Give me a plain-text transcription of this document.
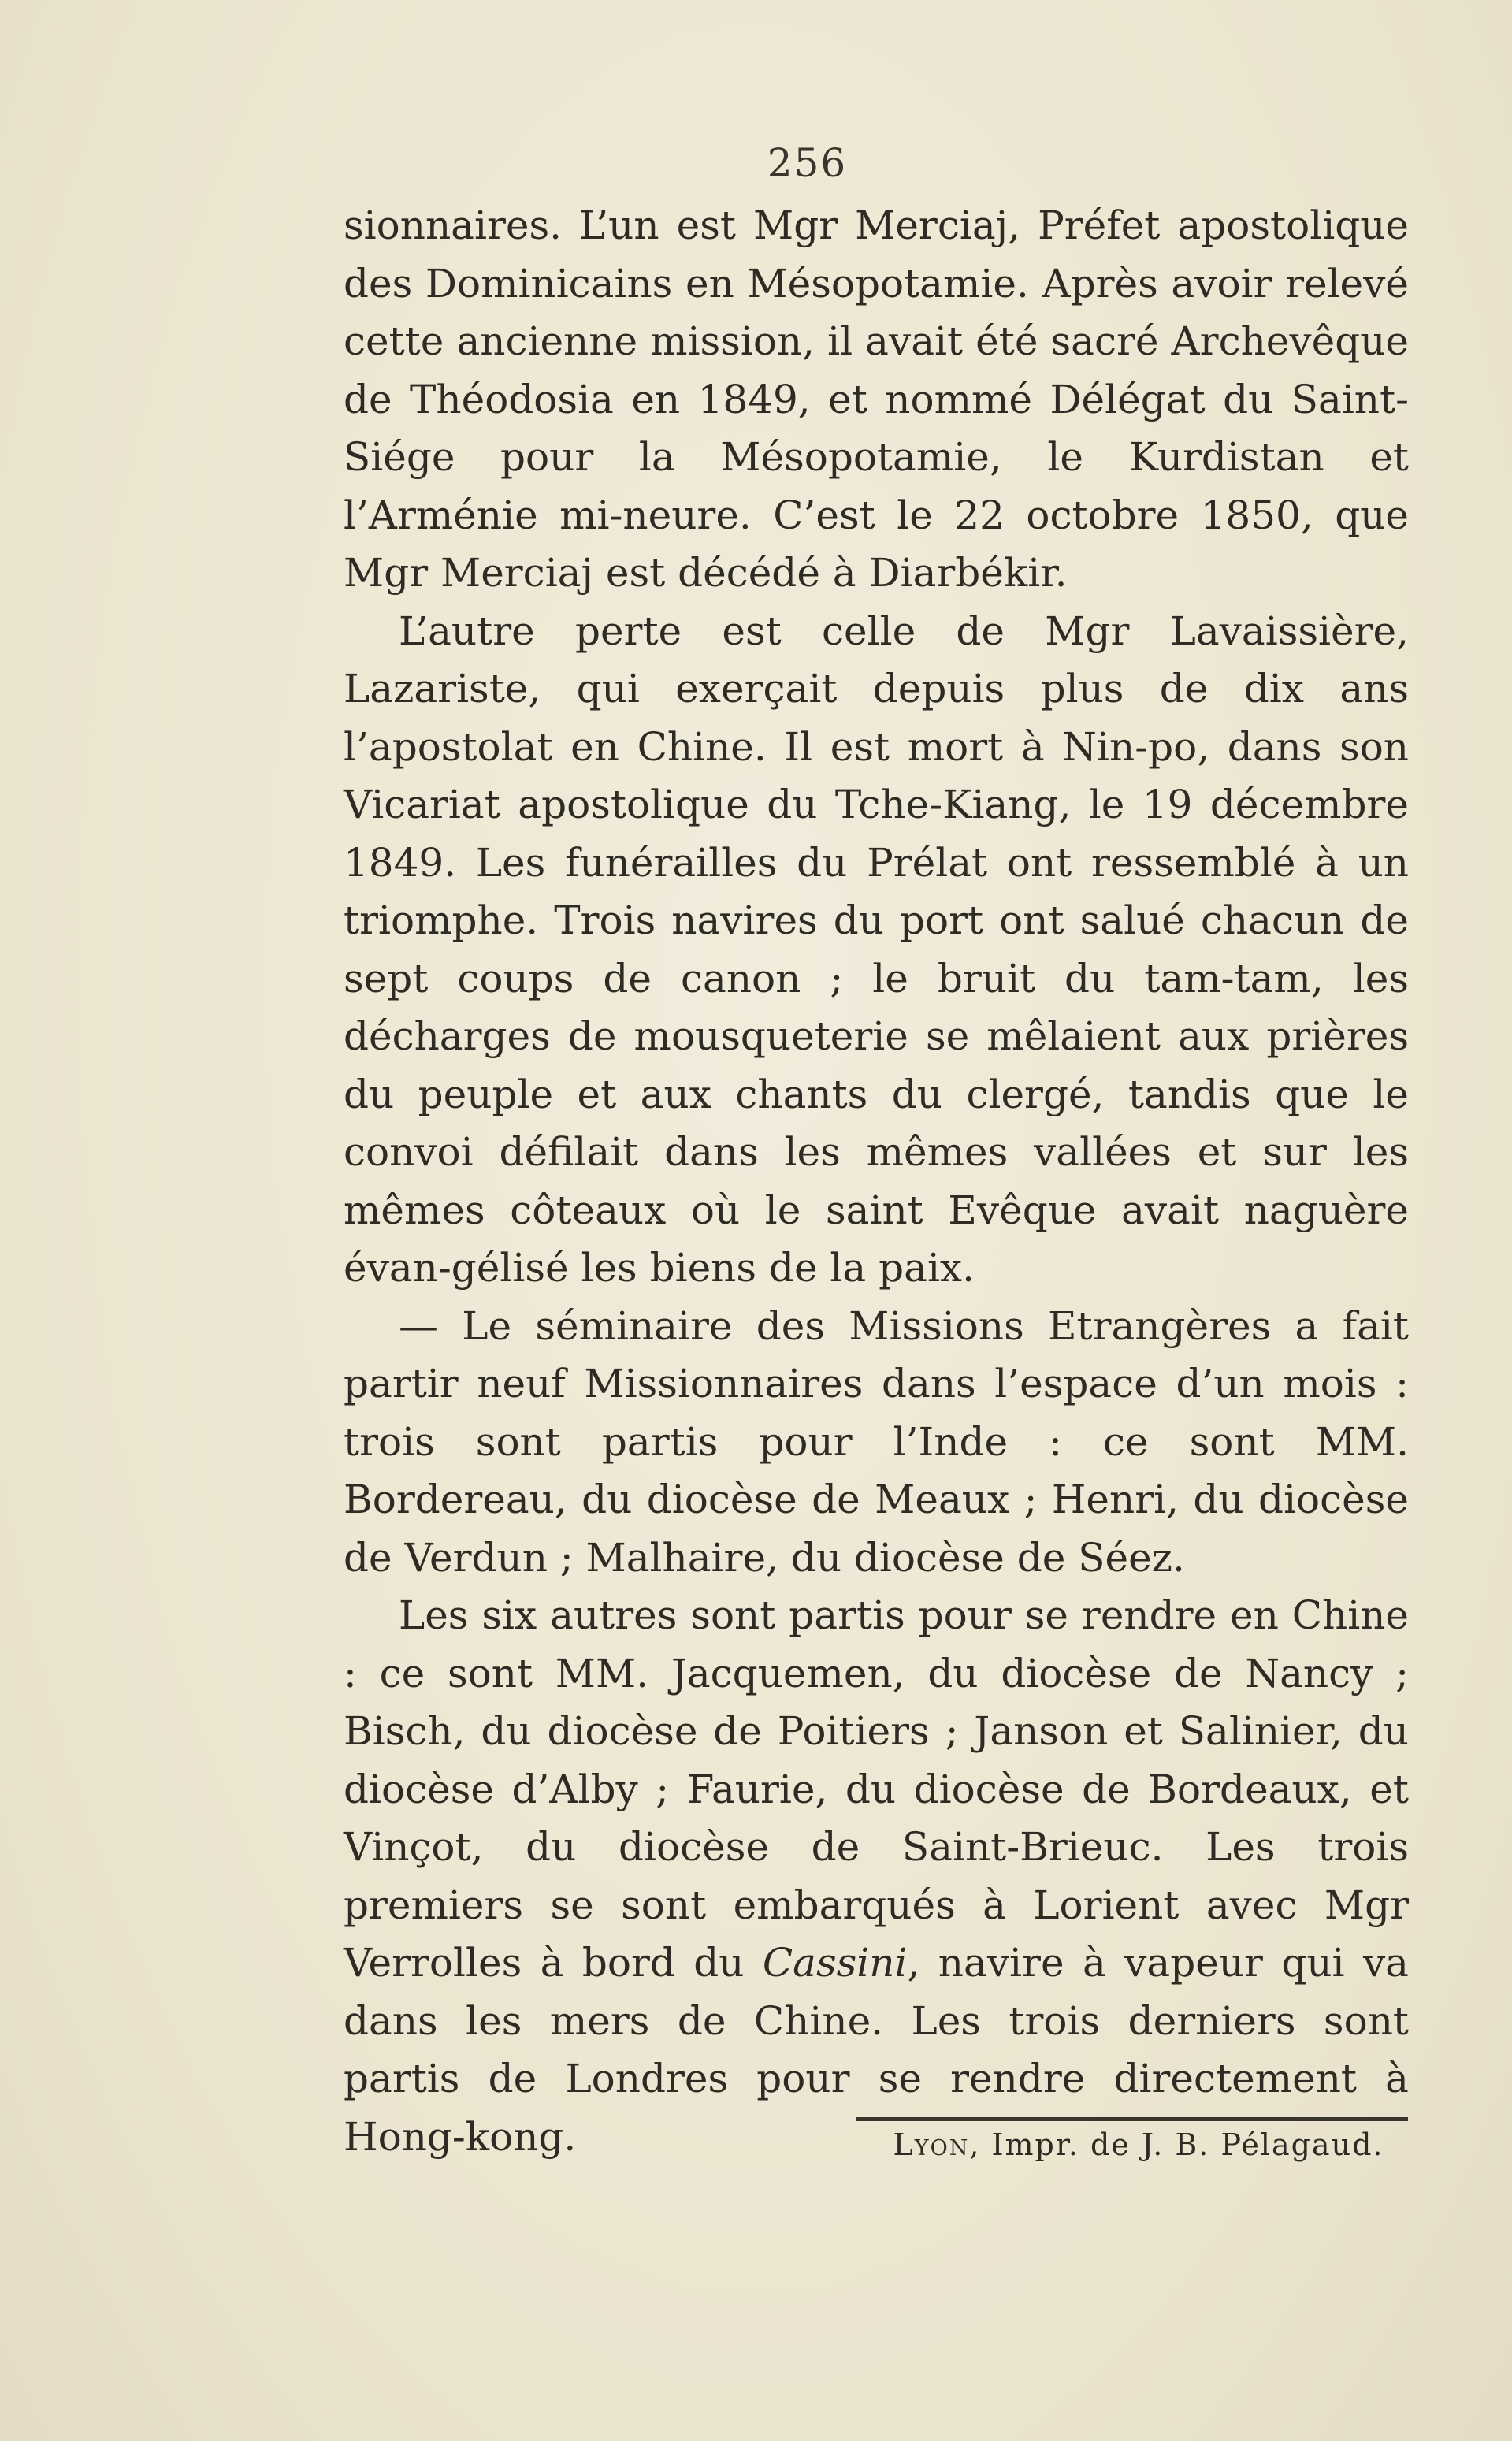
256

sionnaires. L’un est Mgr Merciaj, Préfet apostolique des Dominicains en Mésopotamie. Après avoir relevé cette ancienne mission, il avait été sacré Archevêque de Théodosia en 1849, et nommé Délégat du Saint-Siége pour la Mésopotamie, le Kurdistan et l’Arménie mi-neure. C’est le 22 octobre 1850, que Mgr Merciaj est décédé à Diarbékir.

L’autre perte est celle de Mgr Lavaissière, Lazariste, qui exerçait depuis plus de dix ans l’apostolat en Chine. Il est mort à Nin-po, dans son Vicariat apostolique du Tche-Kiang, le 19 décembre 1849. Les funérailles du Prélat ont ressemblé à un triomphe. Trois navires du port ont salué chacun de sept coups de canon ; le bruit du tam-tam, les décharges de mousqueterie se mêlaient aux prières du peuple et aux chants du clergé, tandis que le convoi défilait dans les mêmes vallées et sur les mêmes côteaux où le saint Evêque avait naguère évan-gélisé les biens de la paix.

— Le séminaire des Missions Etrangères a fait partir neuf Missionnaires dans l’espace d’un mois : trois sont partis pour l’Inde : ce sont MM. Bordereau, du diocèse de Meaux ; Henri, du diocèse de Verdun ; Malhaire, du diocèse de Séez.

Les six autres sont partis pour se rendre en Chine : ce sont MM. Jacquemen, du diocèse de Nancy ; Bisch, du diocèse de Poitiers ; Janson et Salinier, du diocèse d’Alby ; Faurie, du diocèse de Bordeaux, et Vinçot, du diocèse de Saint-Brieuc. Les trois premiers se sont embarqués à Lorient avec Mgr Verrolles à bord du Cassini, navire à vapeur qui va dans les mers de Chine. Les trois derniers sont partis de Londres pour se rendre directement à Hong-kong.	Lyon, Impr. de J. B. Pélagaud.
